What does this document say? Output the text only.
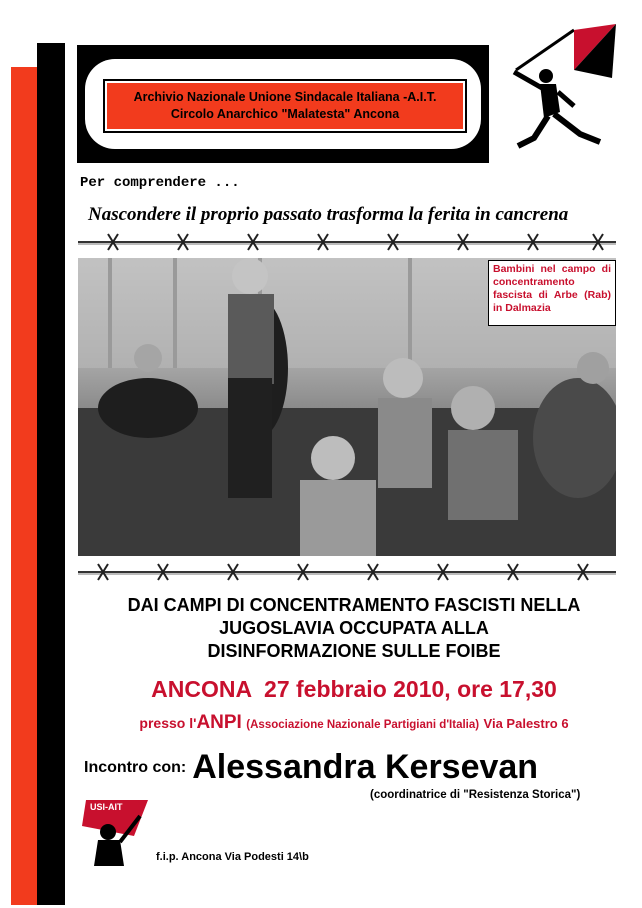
Archivio Nazionale Unione Sindacale Italiana -A.I.T.
Circolo Anarchico "Malatesta" Ancona
Per comprendere ...
Nascondere il proprio passato trasforma la ferita in cancrena
Bambini nel campo di concentramento fascista di Arbe (Rab) in Dalmazia
DAI CAMPI DI CONCENTRAMENTO FASCISTI NELLA
JUGOSLAVIA OCCUPATA ALLA
DISINFORMAZIONE SULLE FOIBE
ANCONA  27 febbraio 2010, ore 17,30
presso l'ANPI (Associazione Nazionale Partigiani d'Italia) Via Palestro 6
Incontro con: Alessandra Kersevan
(coordinatrice di "Resistenza Storica")
USI-AIT
f.i.p. Ancona Via Podesti 14\b
